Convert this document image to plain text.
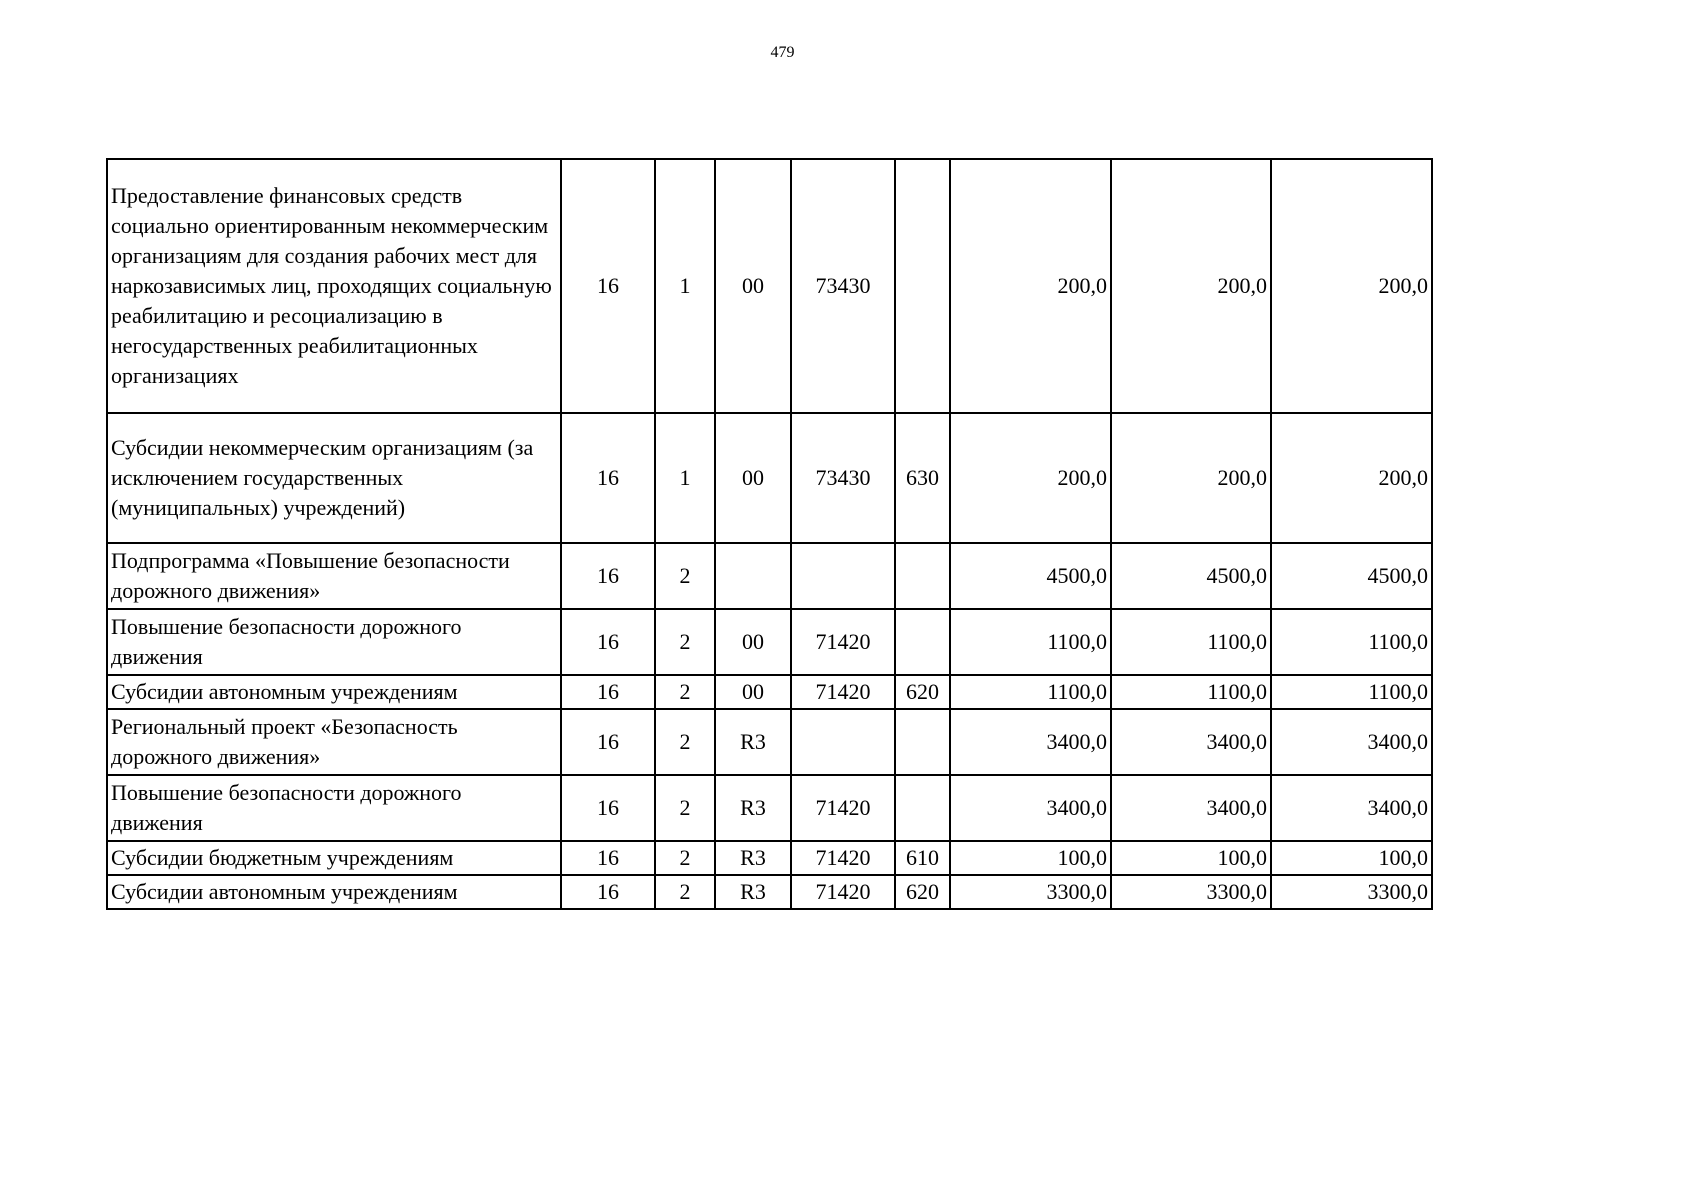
479
Предоставление финансовых средств социально ориентированным некоммерческим организациям для создания рабочих мест для наркозависимых лиц, проходящих социальную реабилитацию и ресоциализацию в негосударственных реабилитационных организациях	16	1	00	73430		200,0	200,0	200,0
Субсидии некоммерческим организациям (за исключением государственных (муниципальных) учреждений)	16	1	00	73430	630	200,0	200,0	200,0
Подпрограмма «Повышение безопасности дорожного движения»	16	2				4500,0	4500,0	4500,0
Повышение безопасности дорожного движения	16	2	00	71420		1100,0	1100,0	1100,0
Субсидии автономным учреждениям	16	2	00	71420	620	1100,0	1100,0	1100,0
Региональный проект «Безопасность дорожного движения»	16	2	R3			3400,0	3400,0	3400,0
Повышение безопасности дорожного движения	16	2	R3	71420		3400,0	3400,0	3400,0
Субсидии бюджетным учреждениям	16	2	R3	71420	610	100,0	100,0	100,0
Субсидии автономным учреждениям	16	2	R3	71420	620	3300,0	3300,0	3300,0
